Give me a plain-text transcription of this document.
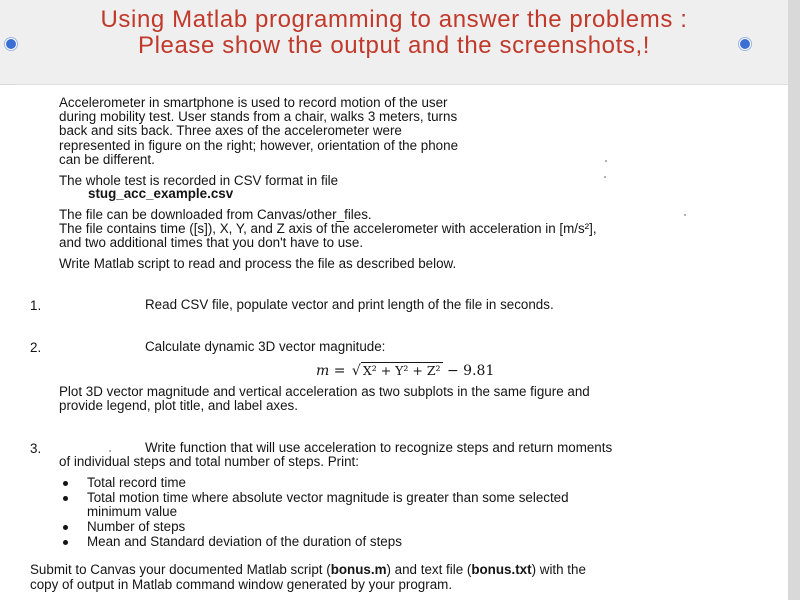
Using Matlab programming to answer the problems :
Please show the output and the screenshots,!
Accelerometer in smartphone is used to record motion of the user
during mobility test. User stands from a chair, walks 3 meters, turns
back and sits back. Three axes of the accelerometer were
represented in figure on the right; however, orientation of the phone
can be different.
The whole test is recorded in CSV format in file
stug_acc_example.csv
The file can be downloaded from Canvas/other_files.
The file contains time ([s]), X, Y, and Z axis of the accelerometer with acceleration in [m/s²],
and two additional times that you don't have to use.
Write Matlab script to read and process the file as described below.
1.	Read CSV file, populate vector and print length of the file in seconds.
2.	Calculate dynamic 3D vector magnitude:
m = √ X² + Y² + Z² − 9.81
Plot 3D vector magnitude and vertical acceleration as two subplots in the same figure and
provide legend, plot title, and label axes.
3.	Write function that will use acceleration to recognize steps and return moments
of individual steps and total number of steps. Print:
Total record time
Total motion time where absolute vector magnitude is greater than some selected
minimum value
Number of steps
Mean and Standard deviation of the duration of steps
Submit to Canvas your documented Matlab script (bonus.m) and text file (bonus.txt) with the
copy of output in Matlab command window generated by your program.
